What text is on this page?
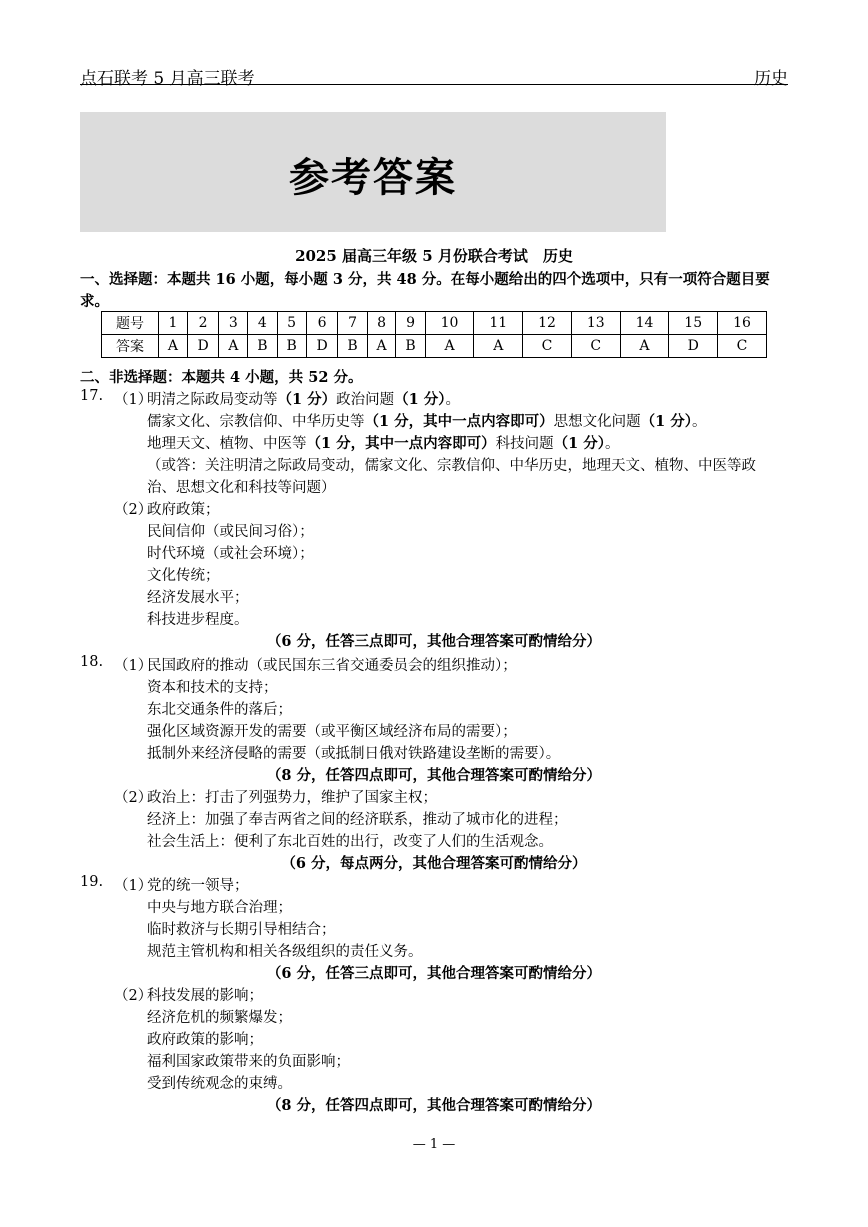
点石联考 5 月高三联考	历史
参考答案
2025 届高三年级 5 月份联合考试　历史
一、选择题：本题共 16 小题，每小题 3 分，共 48 分。在每小题给出的四个选项中，只有一项符合题目要
求。
题号	1	2	3	4	5	6	7	8	9	10	11	12	13	14	15	16
答案	A	D	A	B	B	D	B	A	B	A	A	C	C	A	D	C
二、非选择题：本题共 4 小题，共 52 分。
17. （1）
明清之际政局变动等（1 分）政治问题（1 分）。
儒家文化、宗教信仰、中华历史等（1 分，其中一点内容即可）思想文化问题（1 分）。
地理天文、植物、中医等（1 分，其中一点内容即可）科技问题（1 分）。
（或答：关注明清之际政局变动，儒家文化、宗教信仰、中华历史，地理天文、植物、中医等政
治、思想文化和科技等问题）
（2）
政府政策；
民间信仰（或民间习俗）；
时代环境（或社会环境）；
文化传统；
经济发展水平；
科技进步程度。
（6 分，任答三点即可，其他合理答案可酌情给分）
18. （1）
民国政府的推动（或民国东三省交通委员会的组织推动）；
资本和技术的支持；
东北交通条件的落后；
强化区域资源开发的需要（或平衡区域经济布局的需要）；
抵制外来经济侵略的需要（或抵制日俄对铁路建设垄断的需要）。
（8 分，任答四点即可，其他合理答案可酌情给分）
（2）
政治上：打击了列强势力，维护了国家主权；
经济上：加强了奉吉两省之间的经济联系，推动了城市化的进程；
社会生活上：便利了东北百姓的出行，改变了人们的生活观念。
（6 分，每点两分，其他合理答案可酌情给分）
19. （1）
党的统一领导；
中央与地方联合治理；
临时救济与长期引导相结合；
规范主管机构和相关各级组织的责任义务。
（6 分，任答三点即可，其他合理答案可酌情给分）
（2）
科技发展的影响；
经济危机的频繁爆发；
政府政策的影响；
福利国家政策带来的负面影响；
受到传统观念的束缚。
（8 分，任答四点即可，其他合理答案可酌情给分）
— 1 —
